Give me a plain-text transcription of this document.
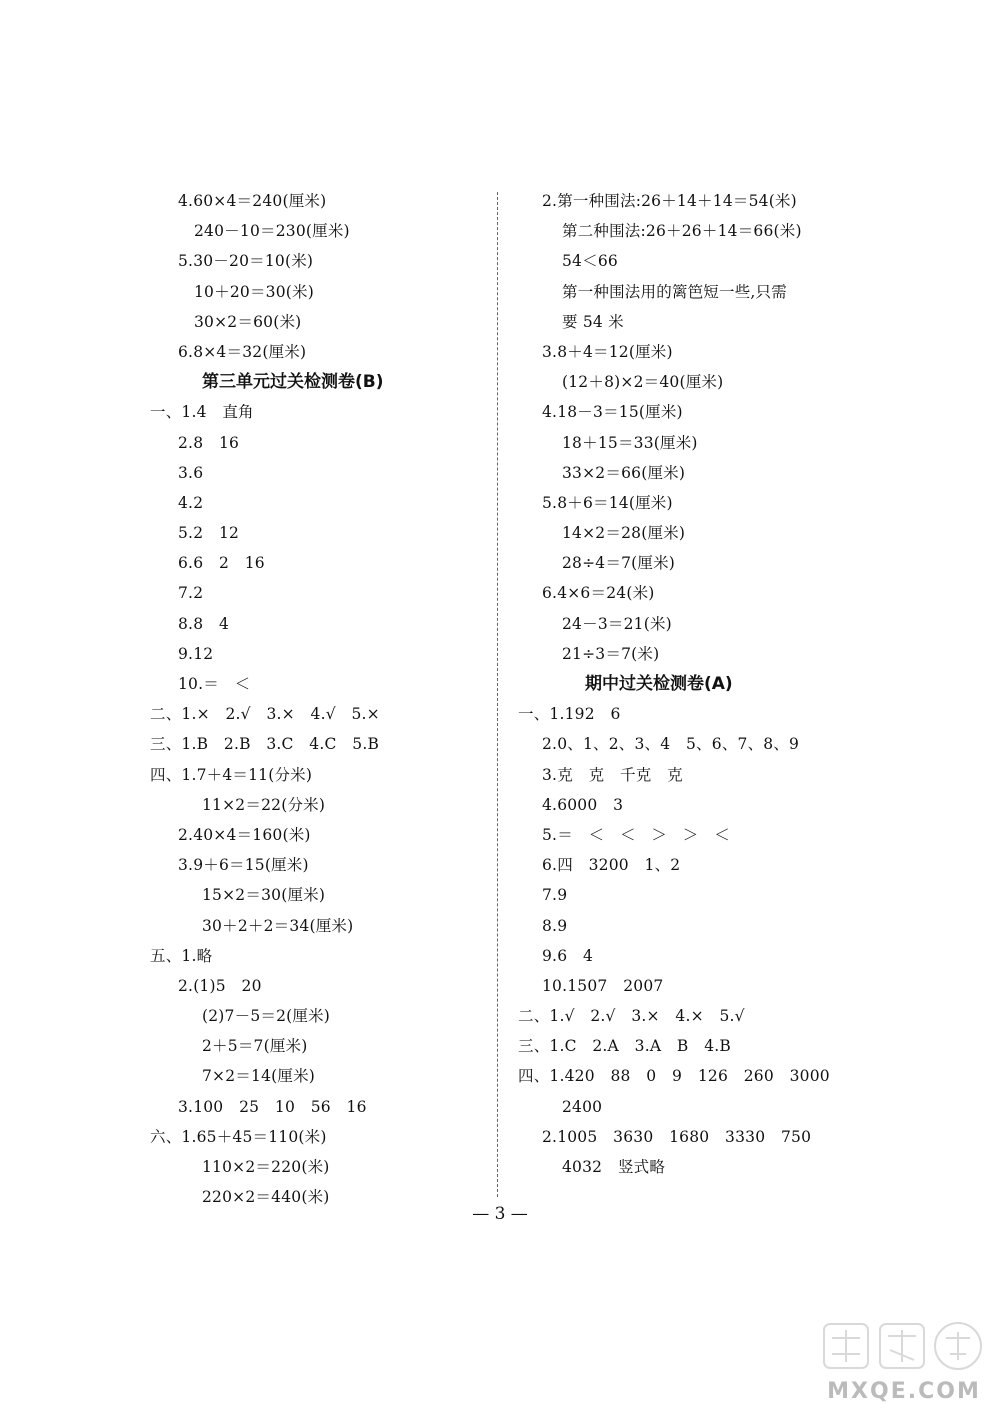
4.60×4＝240(厘米)
240－10＝230(厘米)
5.30－20＝10(米)
10＋20＝30(米)
30×2＝60(米)
6.8×4＝32(厘米)
第三单元过关检测卷(B)
一、1.4　直角
2.8　16
3.6
4.2
5.2　12
6.6　2　16
7.2
8.8　4
9.12
10.＝　＜
二、1.×　2.√　3.×　4.√　5.×
三、1.B　2.B　3.C　4.C　5.B
四、1.7＋4＝11(分米)
11×2＝22(分米)
2.40×4＝160(米)
3.9＋6＝15(厘米)
15×2＝30(厘米)
30＋2＋2＝34(厘米)
五、1.略
2.(1)5　20
(2)7－5＝2(厘米)
2＋5＝7(厘米)
7×2＝14(厘米)
3.100　25　10　56　16
六、1.65＋45＝110(米)
110×2＝220(米)
220×2＝440(米)
2.第一种围法:26＋14＋14＝54(米)
第二种围法:26＋26＋14＝66(米)
54＜66
第一种围法用的篱笆短一些,只需
要 54 米
3.8＋4＝12(厘米)
(12＋8)×2＝40(厘米)
4.18－3＝15(厘米)
18＋15＝33(厘米)
33×2＝66(厘米)
5.8＋6＝14(厘米)
14×2＝28(厘米)
28÷4＝7(厘米)
6.4×6＝24(米)
24－3＝21(米)
21÷3＝7(米)
期中过关检测卷(A)
一、1.192　6
2.0、1、2、3、4　5、6、7、8、9
3.克　克　千克　克
4.6000　3
5.＝　＜　＜　＞　＞　＜
6.四　3200　1、2
7.9
8.9
9.6　4
10.1507　2007
二、1.√　2.√　3.×　4.×　5.√
三、1.C　2.A　3.A　B　4.B
四、1.420　88　0　9　126　260　3000
2400
2.1005　3630　1680　3330　750
4032　竖式略
— 3 —
MXQE.COM
